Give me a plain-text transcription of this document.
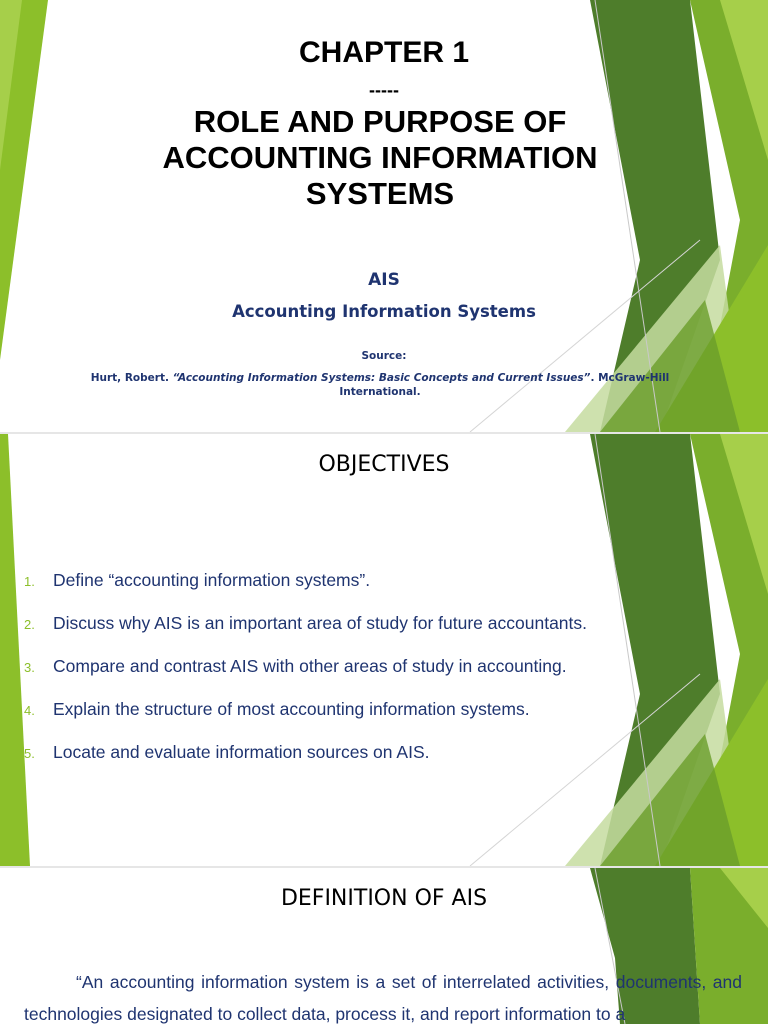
CHAPTER 1
-----
ROLE AND PURPOSE OF ACCOUNTING INFORMATION SYSTEMS
AIS
Accounting Information Systems
Source:
Hurt, Robert. “Accounting Information Systems: Basic Concepts and Current Issues”. McGraw-Hill International.
OBJECTIVES
1.	Define “accounting information systems”.
2.	Discuss why AIS is an important area of study for future accountants.
3.	Compare and contrast AIS with other areas of study in accounting.
4.	Explain the structure of most accounting information systems.
5.	Locate and evaluate information sources on AIS.
DEFINITION OF AIS
“An accounting information system is a set of interrelated activities, documents, and technologies designated to collect data, process it, and report information to a
